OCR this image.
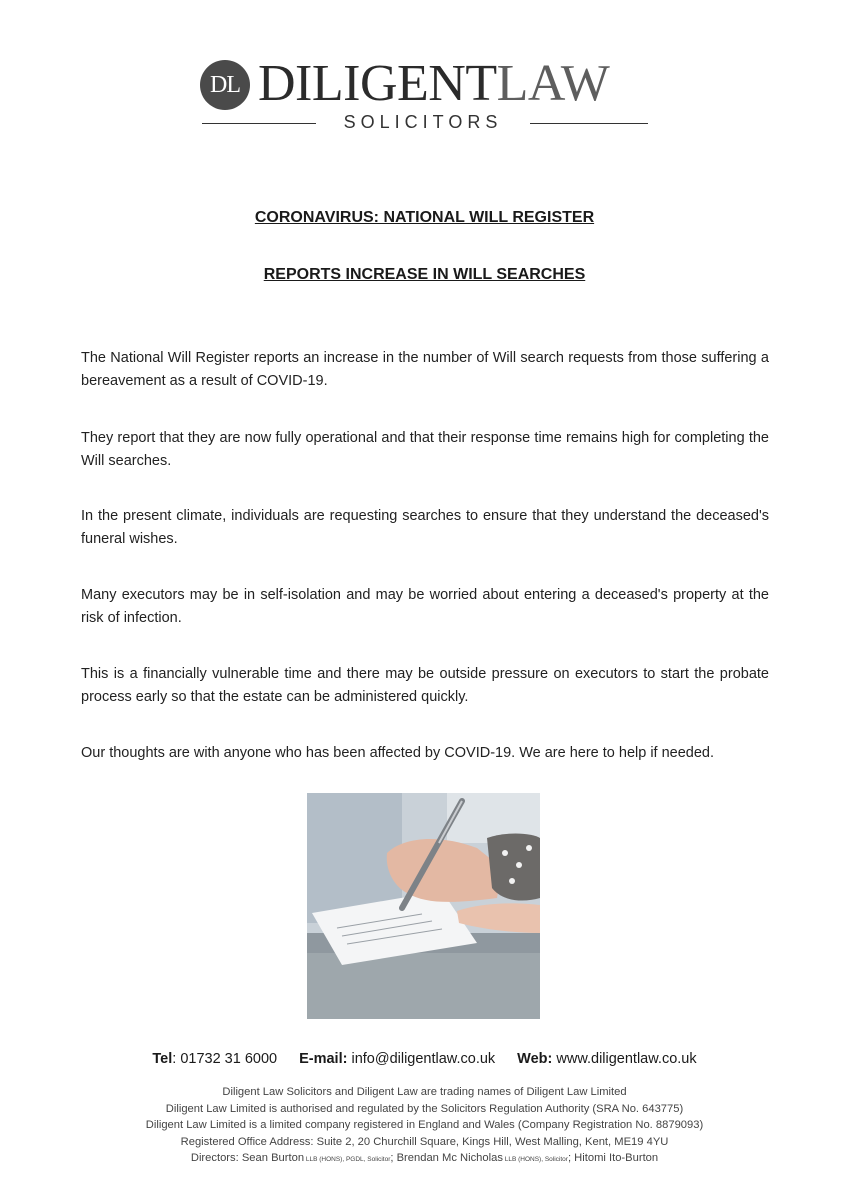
DL DILIGENTLAW
SOLICITORS
CORONAVIRUS: NATIONAL WILL REGISTER
REPORTS INCREASE IN WILL SEARCHES
The National Will Register reports an increase in the number of Will search requests from those suffering a bereavement as a result of COVID-19.
They report that they are now fully operational and that their response time remains high for completing the Will searches.
In the present climate, individuals are requesting searches to ensure that they understand the deceased's funeral wishes.
Many executors may be in self-isolation and may be worried about entering a deceased's property at the risk of infection.
This is a financially vulnerable time and there may be outside pressure on executors to start the probate process early so that the estate can be administered quickly.
Our thoughts are with anyone who has been affected by COVID-19. We are here to help if needed.
Tel: 01732 31 6000 E-mail: info@diligentlaw.co.uk Web: www.diligentlaw.co.uk
Diligent Law Solicitors and Diligent Law are trading names of Diligent Law Limited
Diligent Law Limited is authorised and regulated by the Solicitors Regulation Authority (SRA No. 643775)
Diligent Law Limited is a limited company registered in England and Wales (Company Registration No. 8879093)
Registered Office Address: Suite 2, 20 Churchill Square, Kings Hill, West Malling, Kent, ME19 4YU
Directors: Sean Burton LLB (HONS), PGDL, Solicitor; Brendan Mc Nicholas LLB (HONS), Solicitor; Hitomi Ito-Burton
